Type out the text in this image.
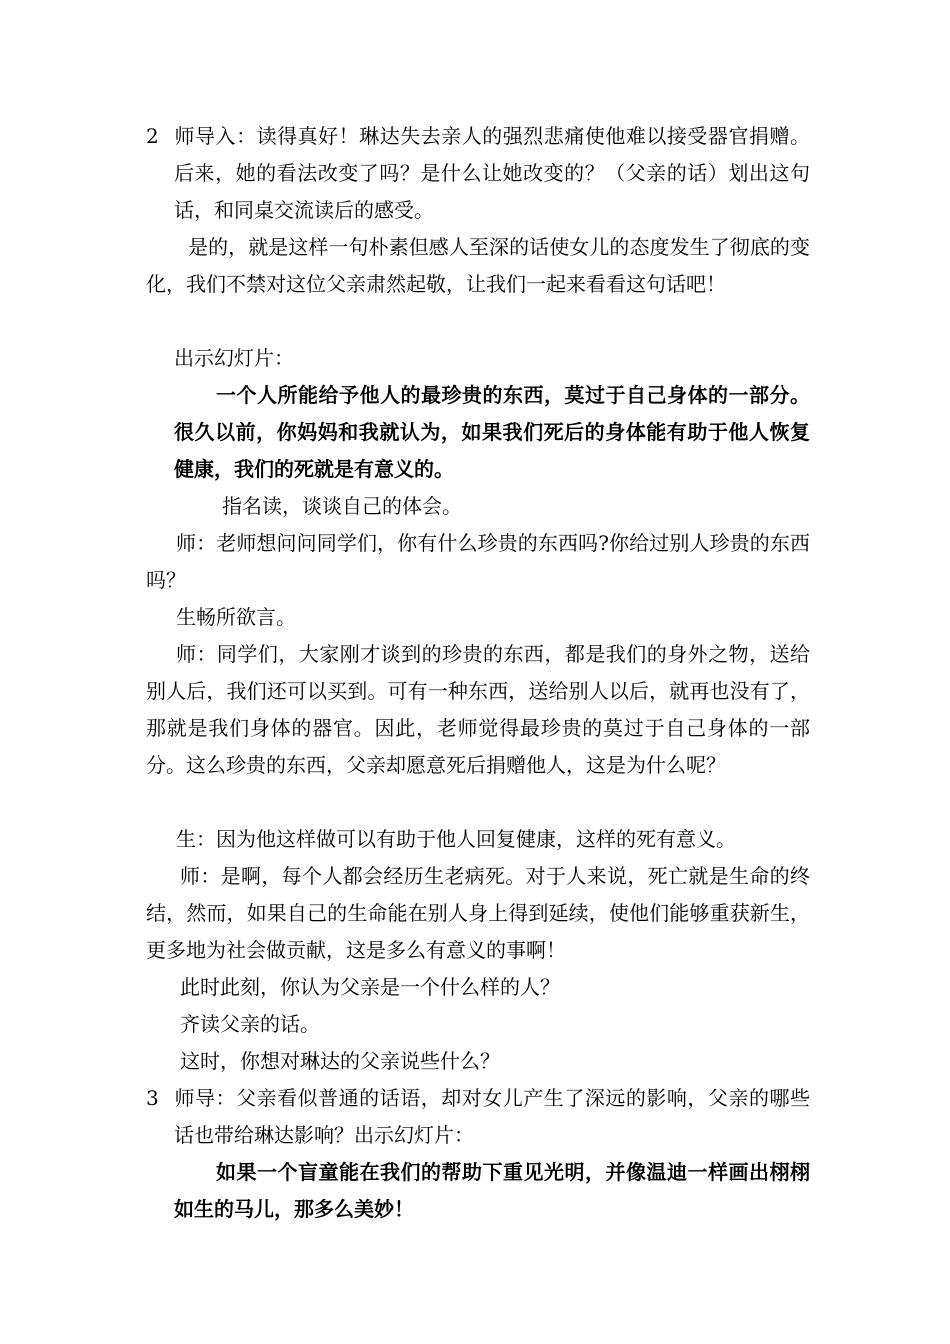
2 师导入：读得真好！琳达失去亲人的强烈悲痛使他难以接受器官捐赠。后来，她的看法改变了吗？是什么让她改变的？（父亲的话）划出这句话，和同桌交流读后的感受。

是的，就是这样一句朴素但感人至深的话使女儿的态度发生了彻底的变化，我们不禁对这位父亲肃然起敬，让我们一起来看看这句话吧！

出示幻灯片：

一个人所能给予他人的最珍贵的东西，莫过于自己身体的一部分。很久以前，你妈妈和我就认为，如果我们死后的身体能有助于他人恢复健康，我们的死就是有意义的。

指名读，谈谈自己的体会。

师：老师想问问同学们，你有什么珍贵的东西吗?你给过别人珍贵的东西吗？

生畅所欲言。

师：同学们，大家刚才谈到的珍贵的东西，都是我们的身外之物，送给别人后，我们还可以买到。可有一种东西，送给别人以后，就再也没有了，那就是我们身体的器官。因此，老师觉得最珍贵的莫过于自己身体的一部分。这么珍贵的东西，父亲却愿意死后捐赠他人，这是为什么呢？

生：因为他这样做可以有助于他人回复健康，这样的死有意义。

师：是啊，每个人都会经历生老病死。对于人来说，死亡就是生命的终结，然而，如果自己的生命能在别人身上得到延续，使他们能够重获新生，更多地为社会做贡献，这是多么有意义的事啊！

此时此刻，你认为父亲是一个什么样的人？

齐读父亲的话。

这时，你想对琳达的父亲说些什么？

3 师导：父亲看似普通的话语，却对女儿产生了深远的影响，父亲的哪些话也带给琳达影响？出示幻灯片：

如果一个盲童能在我们的帮助下重见光明，并像温迪一样画出栩栩如生的马儿，那多么美妙！
